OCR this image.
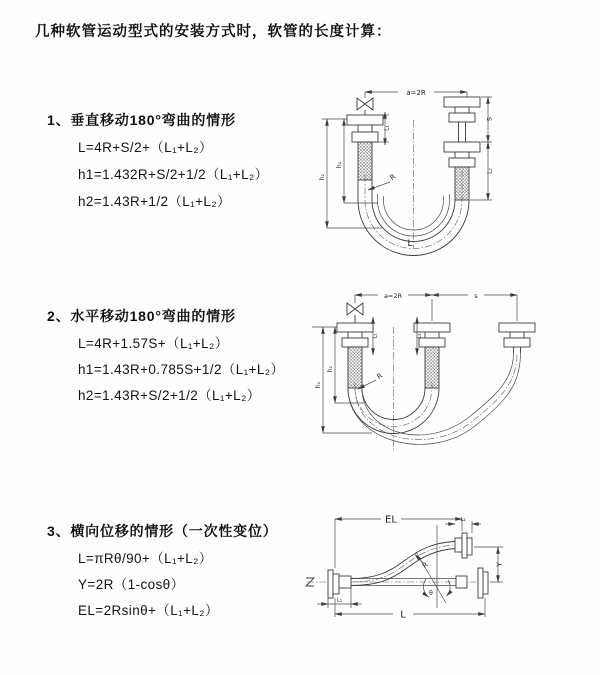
几种软管运动型式的安装方式时，软管的长度计算：
1、垂直移动180°弯曲的情形
L=4R+S/2+（L₁+L₂）
h1=1.432R+S/2+1/2（L₁+L₂）
h2=1.43R+1/2（L₁+L₂）
2、水平移动180°弯曲的情形
L=4R+1.57S+（L₁+L₂）
h1=1.43R+0.785S+1/2（L₁+L₂）
h2=1.43R+S/2+1/2（L₁+L₂）
3、横向位移的情形（一次性变位）
L=πRθ/90+（L₁+L₂）
Y=2R（1-cosθ）
EL=2Rsinθ+（L₁+L₂）
a=2R
L₁
h₁
h₂
S
L₂
R
L
a=2R	s
L₁	L₂
h₁
h₂
R
EL	L₂
θ
R	Y
L
L₁
